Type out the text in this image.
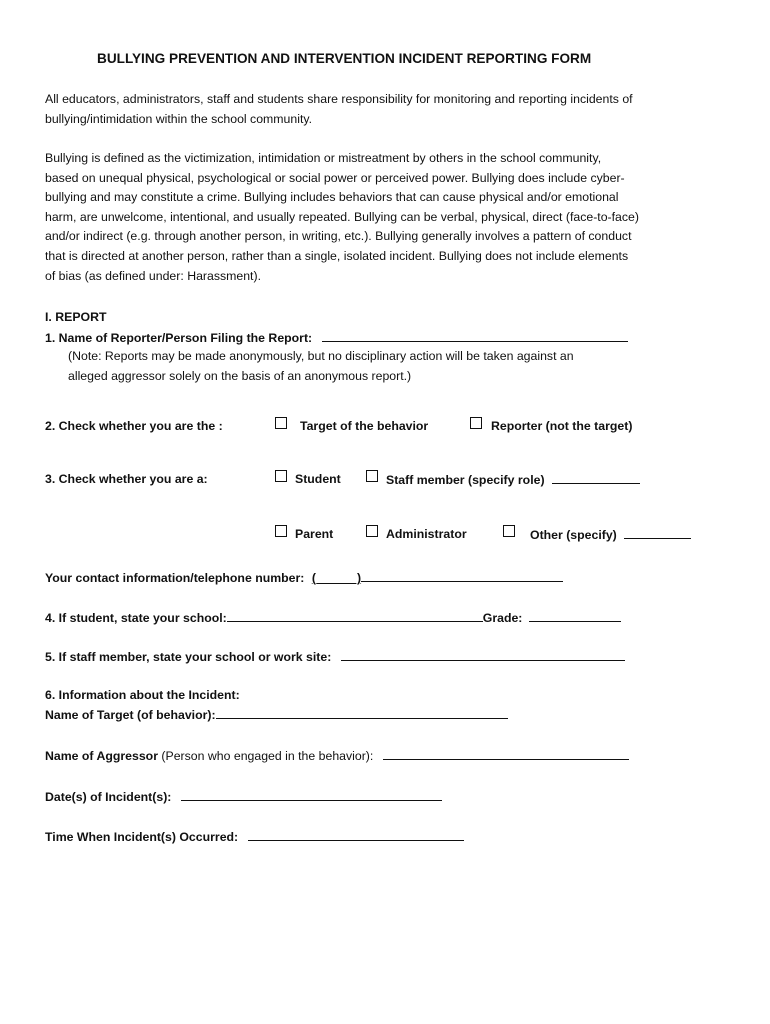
BULLYING PREVENTION AND INTERVENTION INCIDENT REPORTING FORM
All educators, administrators, staff and students share responsibility for monitoring and reporting incidents of
bullying/intimidation within the school community.
Bullying is defined as the victimization, intimidation or mistreatment by others in the school community,
based on unequal physical, psychological or social power or perceived power. Bullying does include cyber-
bullying and may constitute a crime. Bullying includes behaviors that can cause physical and/or emotional
harm, are unwelcome, intentional, and usually repeated. Bullying can be verbal, physical, direct (face-to-face)
and/or indirect (e.g. through another person, in writing, etc.). Bullying generally involves a pattern of conduct
that is directed at another person, rather than a single, isolated incident. Bullying does not include elements
of bias (as defined under: Harassment).
I. REPORT
1. Name of Reporter/Person Filing the Report:
(Note: Reports may be made anonymously, but no disciplinary action will be taken against an
alleged aggressor solely on the basis of an anonymous report.)
2. Check whether you are the :	Target of the behavior	Reporter (not the target)
3. Check whether you are a:	Student	Staff member (specify role)
Parent	Administrator	Other (specify)
Your contact information/telephone number: (______)
4. If student, state your school:	Grade:
5. If staff member, state your school or work site:
6. Information about the Incident:
Name of Target (of behavior):
Name of Aggressor (Person who engaged in the behavior):
Date(s) of Incident(s):
Time When Incident(s) Occurred:
